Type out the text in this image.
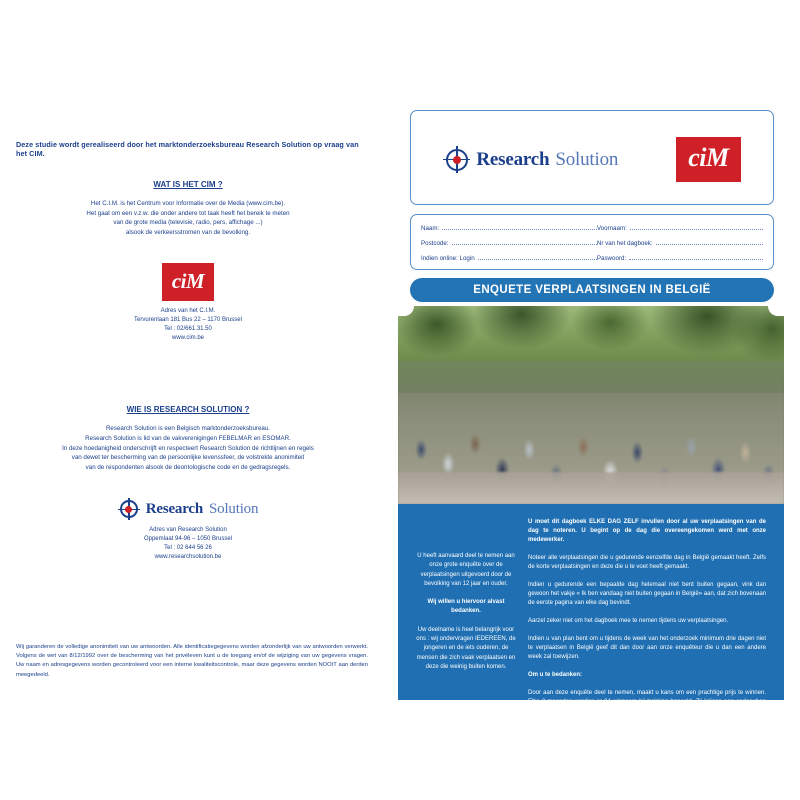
Deze studie wordt gerealiseerd door het marktonderzoeksbureau Research Solution op vraag van het CIM.
WAT IS HET CIM ?

Het C.I.M. is het Centrum voor Informatie over de Media (www.cim.be).

Het gaat om een v.z.w. die onder andere tot taak heeft het bereik te meten

van de grote media (televisie, radio, pers, affichage ...)

alsook de verkeersstromen van de bevolking.

ciM
Adres van het C.I.M.
Tervurenlaan 181 Bus 22 – 1170 Brussel
Tel : 02/661.31.50
www.cim.be
WIE IS RESEARCH SOLUTION ?

Research Solution is een Belgisch marktonderzoeksbureau.

Research Solution is lid van de vakverenigingen FEBELMAR en ESOMAR.

In deze hoedanigheid onderschrijft en respecteert Research Solution de richtlijnen en regels

van dewet ter bescherming van de persoonlijke levenssfeer, de volstrekte anonimiteit

van de respondenten alsook de deontologische code en de gedragsregels.

Research Solution
Adres van Research Solution
Oppemlaat 94-96 – 1050 Brussel
Tel : 02 644 56 26
www.researchsolution.be
Wij garanderen de volledige anonimiteit van uw antwoorden. Alle identificatiegegevens worden afzonderlijk van uw antwoorden verwerkt. Volgens de wet van 8/12/1992 over de bescherming van het privéleven kunt u de toegang en/of de wijziging van uw gegevens vragen. Uw naam en adresgegevens worden gecontroleerd voor een interne kwaliteitscontrole, maar deze gegevens worden NOOIT aan derden meegedeeld.
Research Solution	ciM
Naam:	Voornaam:
Postcode:	Nr van het dagboek:
Indien online: Login	Paswoord:
ENQUETE VERPLAATSINGEN IN BELGIË

U heeft aanvaard deel te nemen aan onze grote enquête over de verplaatsingen uitgevoerd door de bevolking van 12 jaar en ouder.

Wij willen u hiervoor alvast bedanken.

Uw deelname is heel belangrijk voor ons : wij ondervragen IEDEREEN, de jongeren en de iets ouderen, de mensen die zich vaak verplaatsen en deze die weinig buiten komen.

U moet dit dagboek ELKE DAG ZELF invullen door al uw verplaatsingen van de dag te noteren. U begint op de dag die overeengekomen werd met onze medewerker.

Noteer alle verplaatsingen die u gedurende eenzelfde dag in België gemaakt heeft. Zelfs de korte verplaatsingen en deze die u te voet heeft gemaakt.

Indien u gedurende een bepaalde dag helemaal niet bent buiten gegaan, vink dan gewoon het vakje « Ik ben vandaag niet buiten gegaan in België» aan, dat zich bovenaan de eerste pagina van elke dag bevindt.

Aarzel zeker niet om het dagboek mee te nemen tijdens uw verplaatsingen.

Indien u van plan bent om u tijdens de week van het onderzoek minimum drie dagen niet te verplaatsen in België geef dit dan door aan onze enquêteur die u dan een andere week zal toewijzen.

Om u te bedanken:

Door aan deze enquête deel te nemen, maakt u kans om een prachtige prijs te winnen. Elke 2 maanden worden er 24 winnaars bij trekking bepaald. Zij krijgen een cadeaubon die varieert tussen 20 € en 250 €.
